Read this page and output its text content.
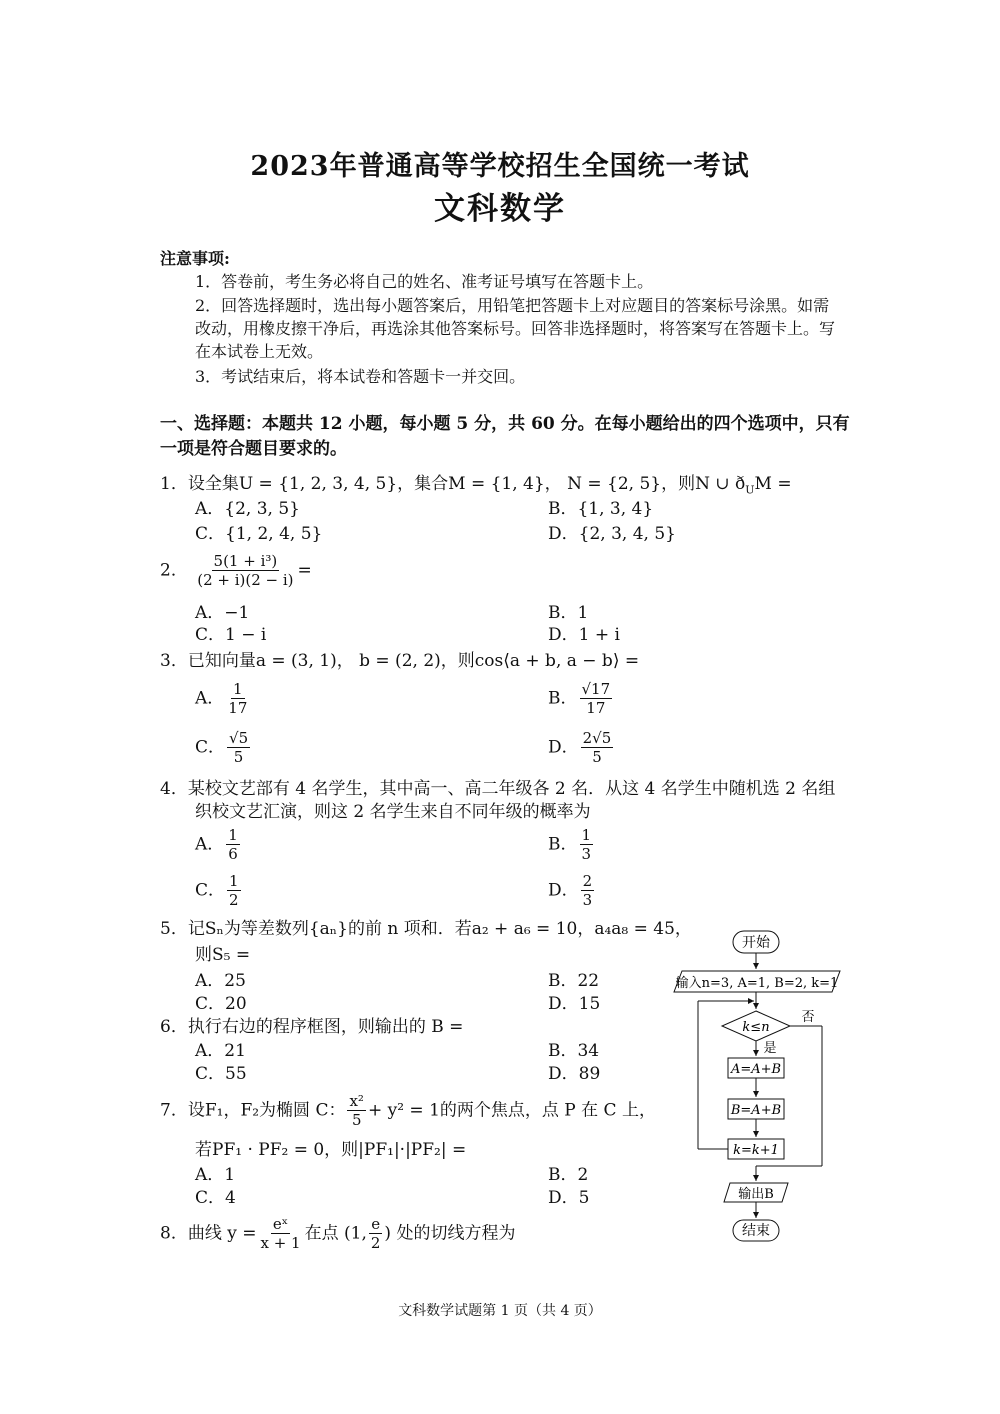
2023年普通高等学校招生全国统一考试
文科数学
注意事项:
1．答卷前，考生务必将自己的姓名、准考证号填写在答题卡上。
2．回答选择题时，选出每小题答案后，用铅笔把答题卡上对应题目的答案标号涂黑。如需改动，用橡皮擦干净后，再选涂其他答案标号。回答非选择题时，将答案写在答题卡上。写在本试卷上无效。
3．考试结束后，将本试卷和答题卡一并交回。
一、选择题：本题共 12 小题，每小题 5 分，共 60 分。在每小题给出的四个选项中，只有一项是符合题目要求的。
1．设全集U = {1, 2, 3, 4, 5}，集合M = {1, 4}， N = {2, 5}，则N ∪ $ð_UM$ =
A．{2, 3, 5}	B．{1, 3, 4}
C．{1, 2, 4, 5}	D．{2, 3, 4, 5}
2． $\frac{\text{5(1 + i³)}}{(2 + i)(2 - i)}$ =
A．−1	B．1
C．1 − i	D．1 + i
3．已知向量a = (3, 1)， b = (2, 2)，则cos⟨a + b, a − b⟩ =
A． $\frac{1}{17}$	B． $\frac{√17}{17}$
C． $\frac{√5}{5}$	D． $\frac{2√5}{5}$
4．某校文艺部有 4 名学生，其中高一、高二年级各 2 名．从这 4 名学生中随机选 2 名组
织校文艺汇演，则这 2 名学生来自不同年级的概率为
A． $\frac{1}{6}$	B． $\frac{1}{3}$
C． $\frac{1}{2}$	D． $\frac{2}{3}$
5．记Sₙ为等差数列{aₙ}的前 n 项和．若a₂ + a₆ = 10，a₄a₈ = 45，
则S₅ =
A．25	B．22
C．20	D．15
6．执行右边的程序框图，则输出的 B =
A．21	B．34
C．55	D．89
7．设F₁，F₂为椭圆 C： $\frac{\text{x²}}{5} + y^2 = 1$的两个焦点，点 P 在 C 上，
若PF₁ · PF₂ = 0，则|PF₁|·|PF₂| =
A．1	B．2
C．4	D．5
8．曲线 $y = \frac{\text{eˣ}}{x + 1}$ 在点 (1, $\frac{e}{2}$ ) 处的切线方程为
开始
输入n=3, A=1, B=2, k=1
k≤n
否
是
A=A+B
B=A+B
k=k+1
输出B
结束
文科数学试题第 1 页（共 4 页）
